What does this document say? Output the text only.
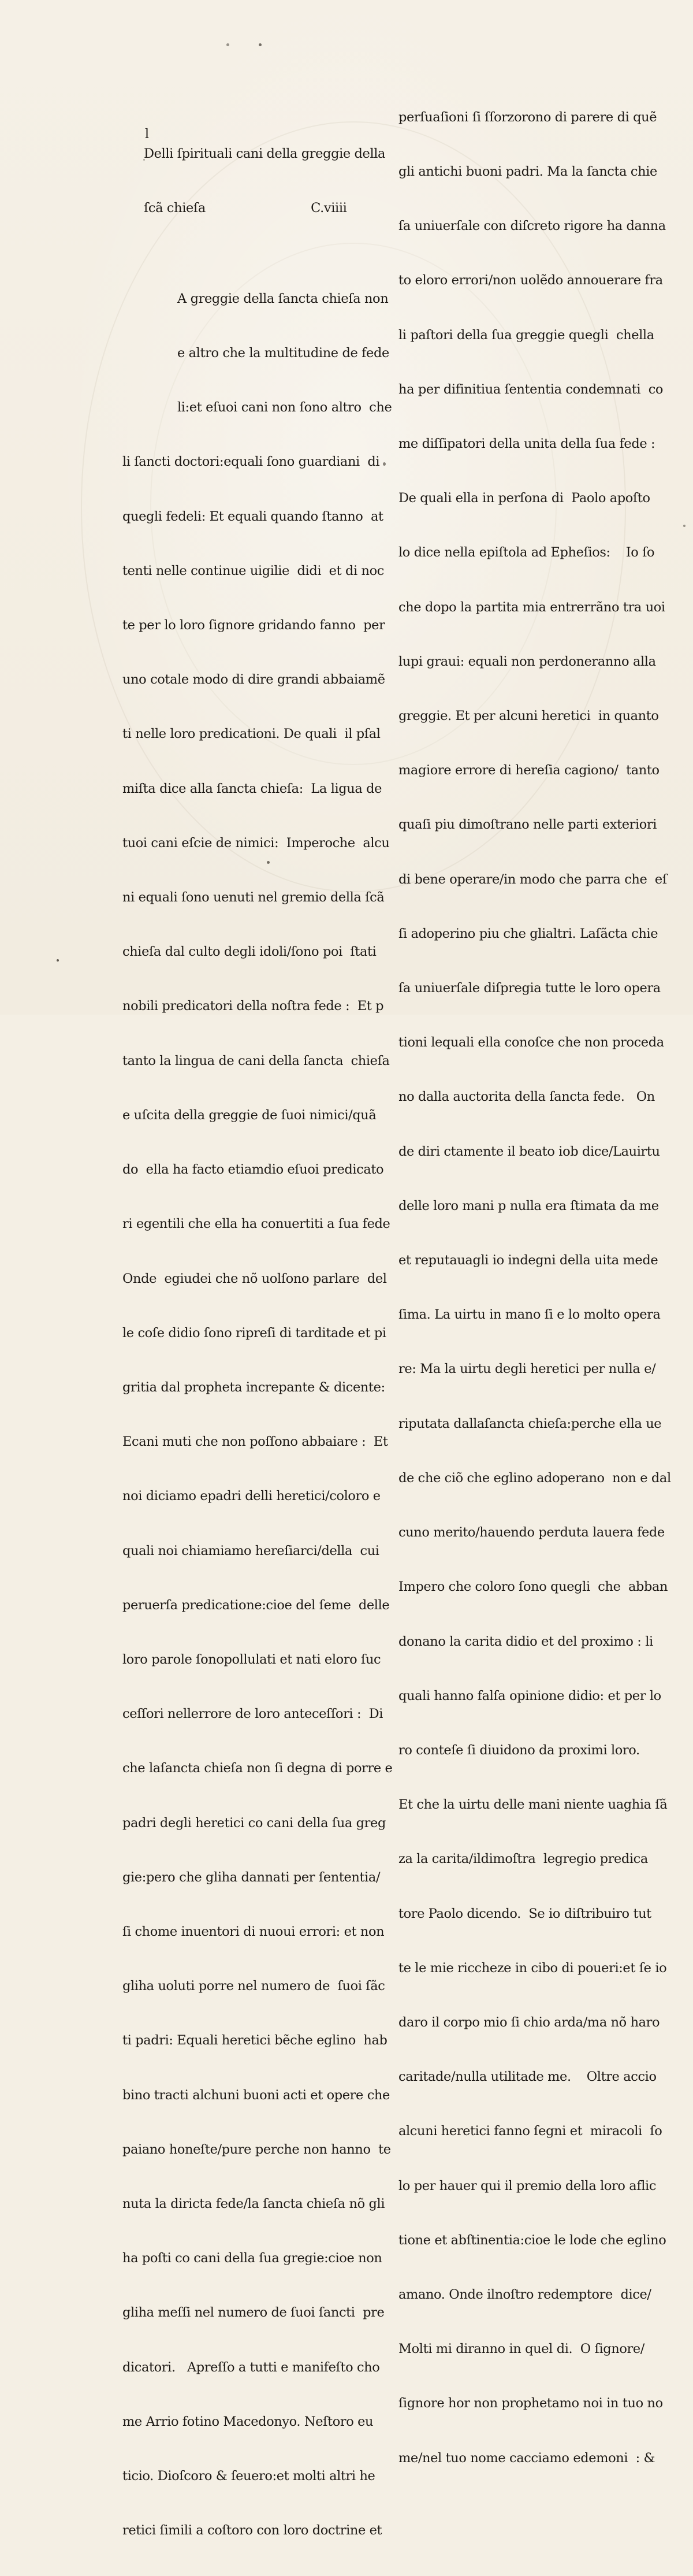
Delli ſpirituali cani della greggie della

ſcã chieſa                           C.viiii

A greggie della ſancta chieſa non

e altro che la multitudine de fede

li:et eſuoi cani non ſono altro  che

li ſancti doctori:equali ſono guardiani  di

quegli fedeli: Et equali quando ſtanno  at

tenti nelle continue uigilie  didi  et di noc

te per lo loro ſignore gridando fanno  per

uno cotale modo di dire grandi abbaiamẽ

ti nelle loro predicationi. De quali  il pſal

miſta dice alla ſancta chieſa:  La ligua de

tuoi cani eſcie de nimici:  Imperoche  alcu

ni equali ſono uenuti nel gremio della ſcã

chieſa dal culto degli idoli/ſono poi  ſtati

nobili predicatori della noſtra fede :  Et p

tanto la lingua de cani della ſancta  chieſa

e uſcita della greggie de ſuoi nimici/quã

do  ella ha facto etiamdio eſuoi predicato

ri egentili che ella ha conuertiti a ſua fede

Onde  egiudei che nõ uolſono parlare  del

le coſe didio ſono ripreſi di tarditade et pi

gritia dal propheta increpante & dicente:

Ecani muti che non poſſono abbaiare :  Et

noi diciamo epadri delli heretici/coloro e

quali noi chiamiamo hereſiarci/della  cui

peruerſa predicatione:cioe del ſeme  delle

loro parole ſonopollulati et nati eloro ſuc

ceſſori nellerrore de loro anteceſſori :  Di

che laſancta chieſa non ſi degna di porre e

padri degli heretici co cani della ſua greg

gie:pero che gliha dannati per ſententia/

ſi chome inuentori di nuoui errori: et non

gliha uoluti porre nel numero de  ſuoi ſãc

ti padri: Equali heretici bẽche eglino  hab

bino tracti alchuni buoni acti et opere che

paiano honeſte/pure perche non hanno  te

nuta la diricta fede/la ſancta chieſa nõ gli

ha poſti co cani della ſua gregie:cioe non

gliha meſſi nel numero de ſuoi ſancti  pre

dicatori.   Apreſſo a tutti e manifeſto cho

me Arrio fotino Macedonyo. Neſtoro eu

ticio. Dioſcoro & ſeuero:et molti altri he

retici ſimili a coſtoro con loro doctrine et

l

perſuaſioni ſi ſſorzorono di parere di quẽ

gli antichi buoni padri. Ma la ſancta chie

ſa uniuerſale con diſcreto rigore ha danna

to eloro errori/non uolẽdo annouerare fra

li paſtori della ſua greggie quegli  chella

ha per difinitiua ſententia condemnati  co

me diſſipatori della unita della ſua fede :

De quali ella in perſona di  Paolo apoſto

lo dice nella epiſtola ad Epheſios:    Io ſo

che dopo la partita mia entrerrãno tra uoi

lupi graui: equali non perdoneranno alla

greggie. Et per alcuni heretici  in quanto

magiore errore di hereſia cagiono/  tanto

quaſi piu dimoſtrano nelle parti exteriori

di bene operare/in modo che parra che  eſ

ſi adoperino piu che glialtri. Laſãcta chie

ſa uniuerſale diſpregia tutte le loro opera

tioni lequali ella conoſce che non proceda

no dalla auctorita della ſancta fede.   On

de diri ctamente il beato iob dice/Lauirtu

delle loro mani p nulla era ſtimata da me

et reputauagli io indegni della uita mede

ſima. La uirtu in mano ſi e lo molto opera

re: Ma la uirtu degli heretici per nulla e/

riputata dallaſancta chieſa:perche ella ue

de che ciõ che eglino adoperano  non e dal

cuno merito/hauendo perduta lauera fede

Impero che coloro ſono quegli  che  abban

donano la carita didio et del proximo : li

quali hanno falſa opinione didio: et per lo

ro conteſe ſi diuidono da proximi loro.

Et che la uirtu delle mani niente uaghia ſã

za la carita/ildimoſtra  legregio predica

tore Paolo dicendo.  Se io diſtribuiro tut

te le mie riccheze in cibo di poueri:et ſe io

daro il corpo mio ſi chio arda/ma nõ haro

caritade/nulla utilitade me.    Oltre accio

alcuni heretici fanno ſegni et  miracoli  ſo

lo per hauer qui il premio della loro aflic

tione et abſtinentia:cioe le lode che eglino

amano. Onde ilnoſtro redemptore  dice/

Molti mi diranno in quel di.  O ſignore/

ſignore hor non prophetamo noi in tuo no

me/nel tuo nome cacciamo edemoni  : &
